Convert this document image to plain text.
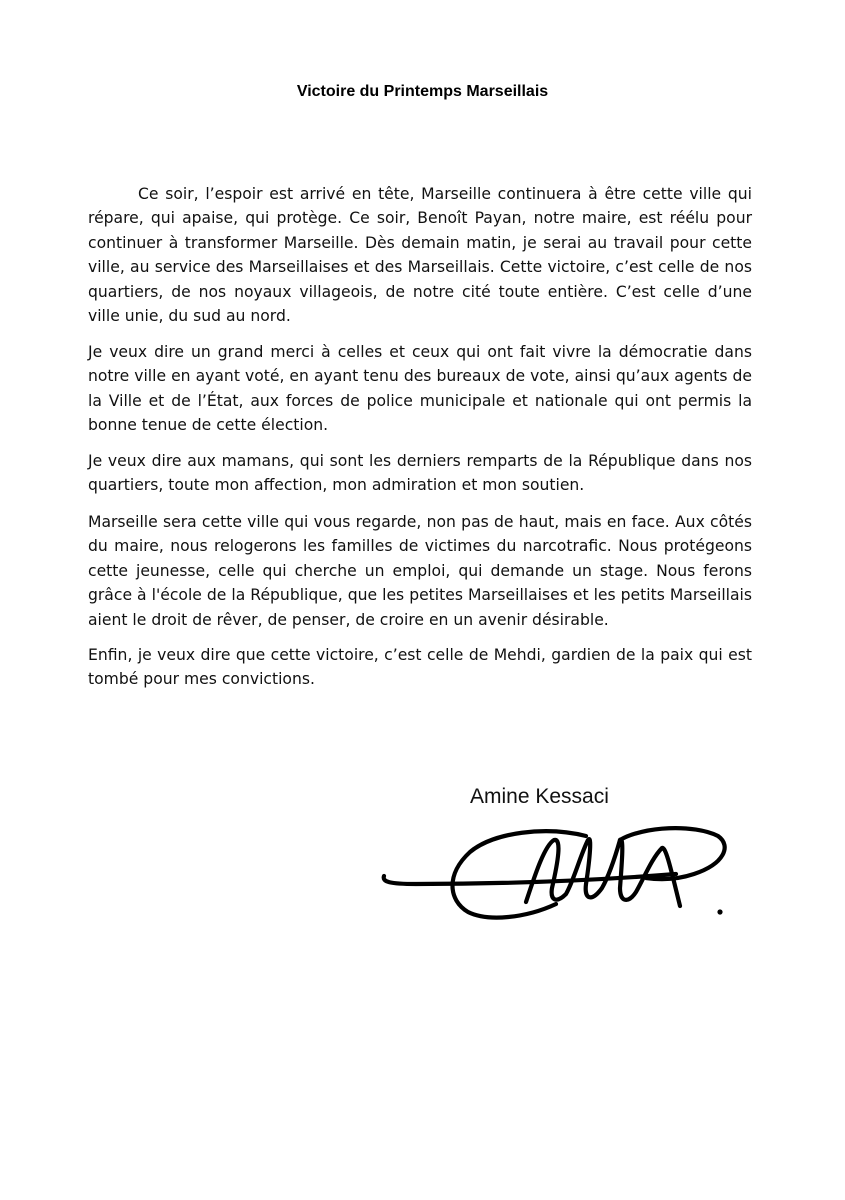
Victoire du Printemps Marseillais

Ce soir, l’espoir est arrivé en tête, Marseille continuera à être cette ville qui répare, qui apaise, qui protège. Ce soir, Benoît Payan, notre maire, est réélu pour continuer à transformer Marseille. Dès demain matin, je serai au travail pour cette ville, au service des Marseillaises et des Marseillais. Cette victoire, c’est celle de nos quartiers, de nos noyaux villageois, de notre cité toute entière. C’est celle d’une ville unie, du sud au nord.

Je veux dire un grand merci à celles et ceux qui ont fait vivre la démocratie dans notre ville en ayant voté, en ayant tenu des bureaux de vote, ainsi qu’aux agents de la Ville et de l’État, aux forces de police municipale et nationale qui ont permis la bonne tenue de cette élection.

Je veux dire aux mamans, qui sont les derniers remparts de la République dans nos quartiers, toute mon affection, mon admiration et mon soutien.

Marseille sera cette ville qui vous regarde, non pas de haut, mais en face. Aux côtés du maire, nous relogerons les familles de victimes du narcotrafic. Nous protégeons cette jeunesse, celle qui cherche un emploi, qui demande un stage. Nous ferons grâce à l'école de la République, que les petites Marseillaises et les petits Marseillais aient le droit de rêver, de penser, de croire en un avenir désirable.

Enfin, je veux dire que cette victoire, c’est celle de Mehdi, gardien de la paix qui est tombé pour mes convictions.

Amine Kessaci
